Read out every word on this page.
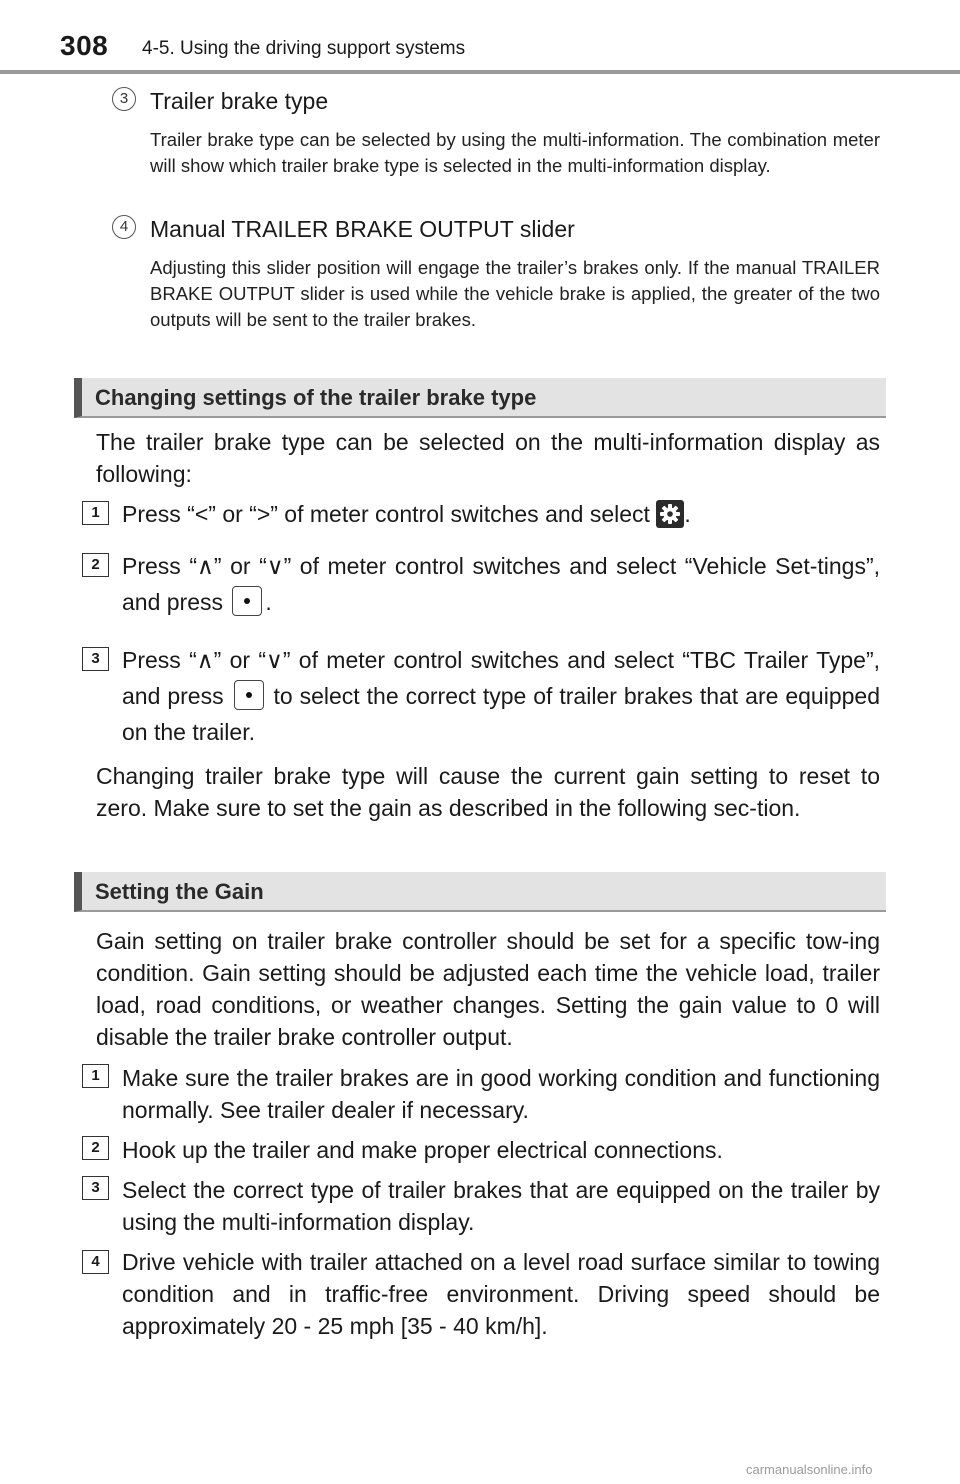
308 4-5. Using the driving support systems
3 Trailer brake type
Trailer brake type can be selected by using the multi-information. The combination meter will show which trailer brake type is selected in the multi-information display.
4 Manual TRAILER BRAKE OUTPUT slider
Adjusting this slider position will engage the trailer’s brakes only. If the manual TRAILER BRAKE OUTPUT slider is used while the vehicle brake is applied, the greater of the two outputs will be sent to the trailer brakes.
Changing settings of the trailer brake type
The trailer brake type can be selected on the multi-information display as following:
1 Press “<” or “>” of meter control switches and select .
2 Press “∧” or “∨” of meter control switches and select “Vehicle Set-tings”, and press .
3 Press “∧” or “∨” of meter control switches and select “TBC Trailer Type”, and press  to select the correct type of trailer brakes that are equipped on the trailer.
Changing trailer brake type will cause the current gain setting to reset to zero. Make sure to set the gain as described in the following sec-tion.
Setting the Gain
Gain setting on trailer brake controller should be set for a specific tow-ing condition. Gain setting should be adjusted each time the vehicle load, trailer load, road conditions, or weather changes. Setting the gain value to 0 will disable the trailer brake controller output.
1 Make sure the trailer brakes are in good working condition and functioning normally. See trailer dealer if necessary.
2 Hook up the trailer and make proper electrical connections.
3 Select the correct type of trailer brakes that are equipped on the trailer by using the multi-information display.
4 Drive vehicle with trailer attached on a level road surface similar to towing condition and in traffic-free environment. Driving speed should be approximately 20 - 25 mph [35 - 40 km/h].
carmanualsonline.info
